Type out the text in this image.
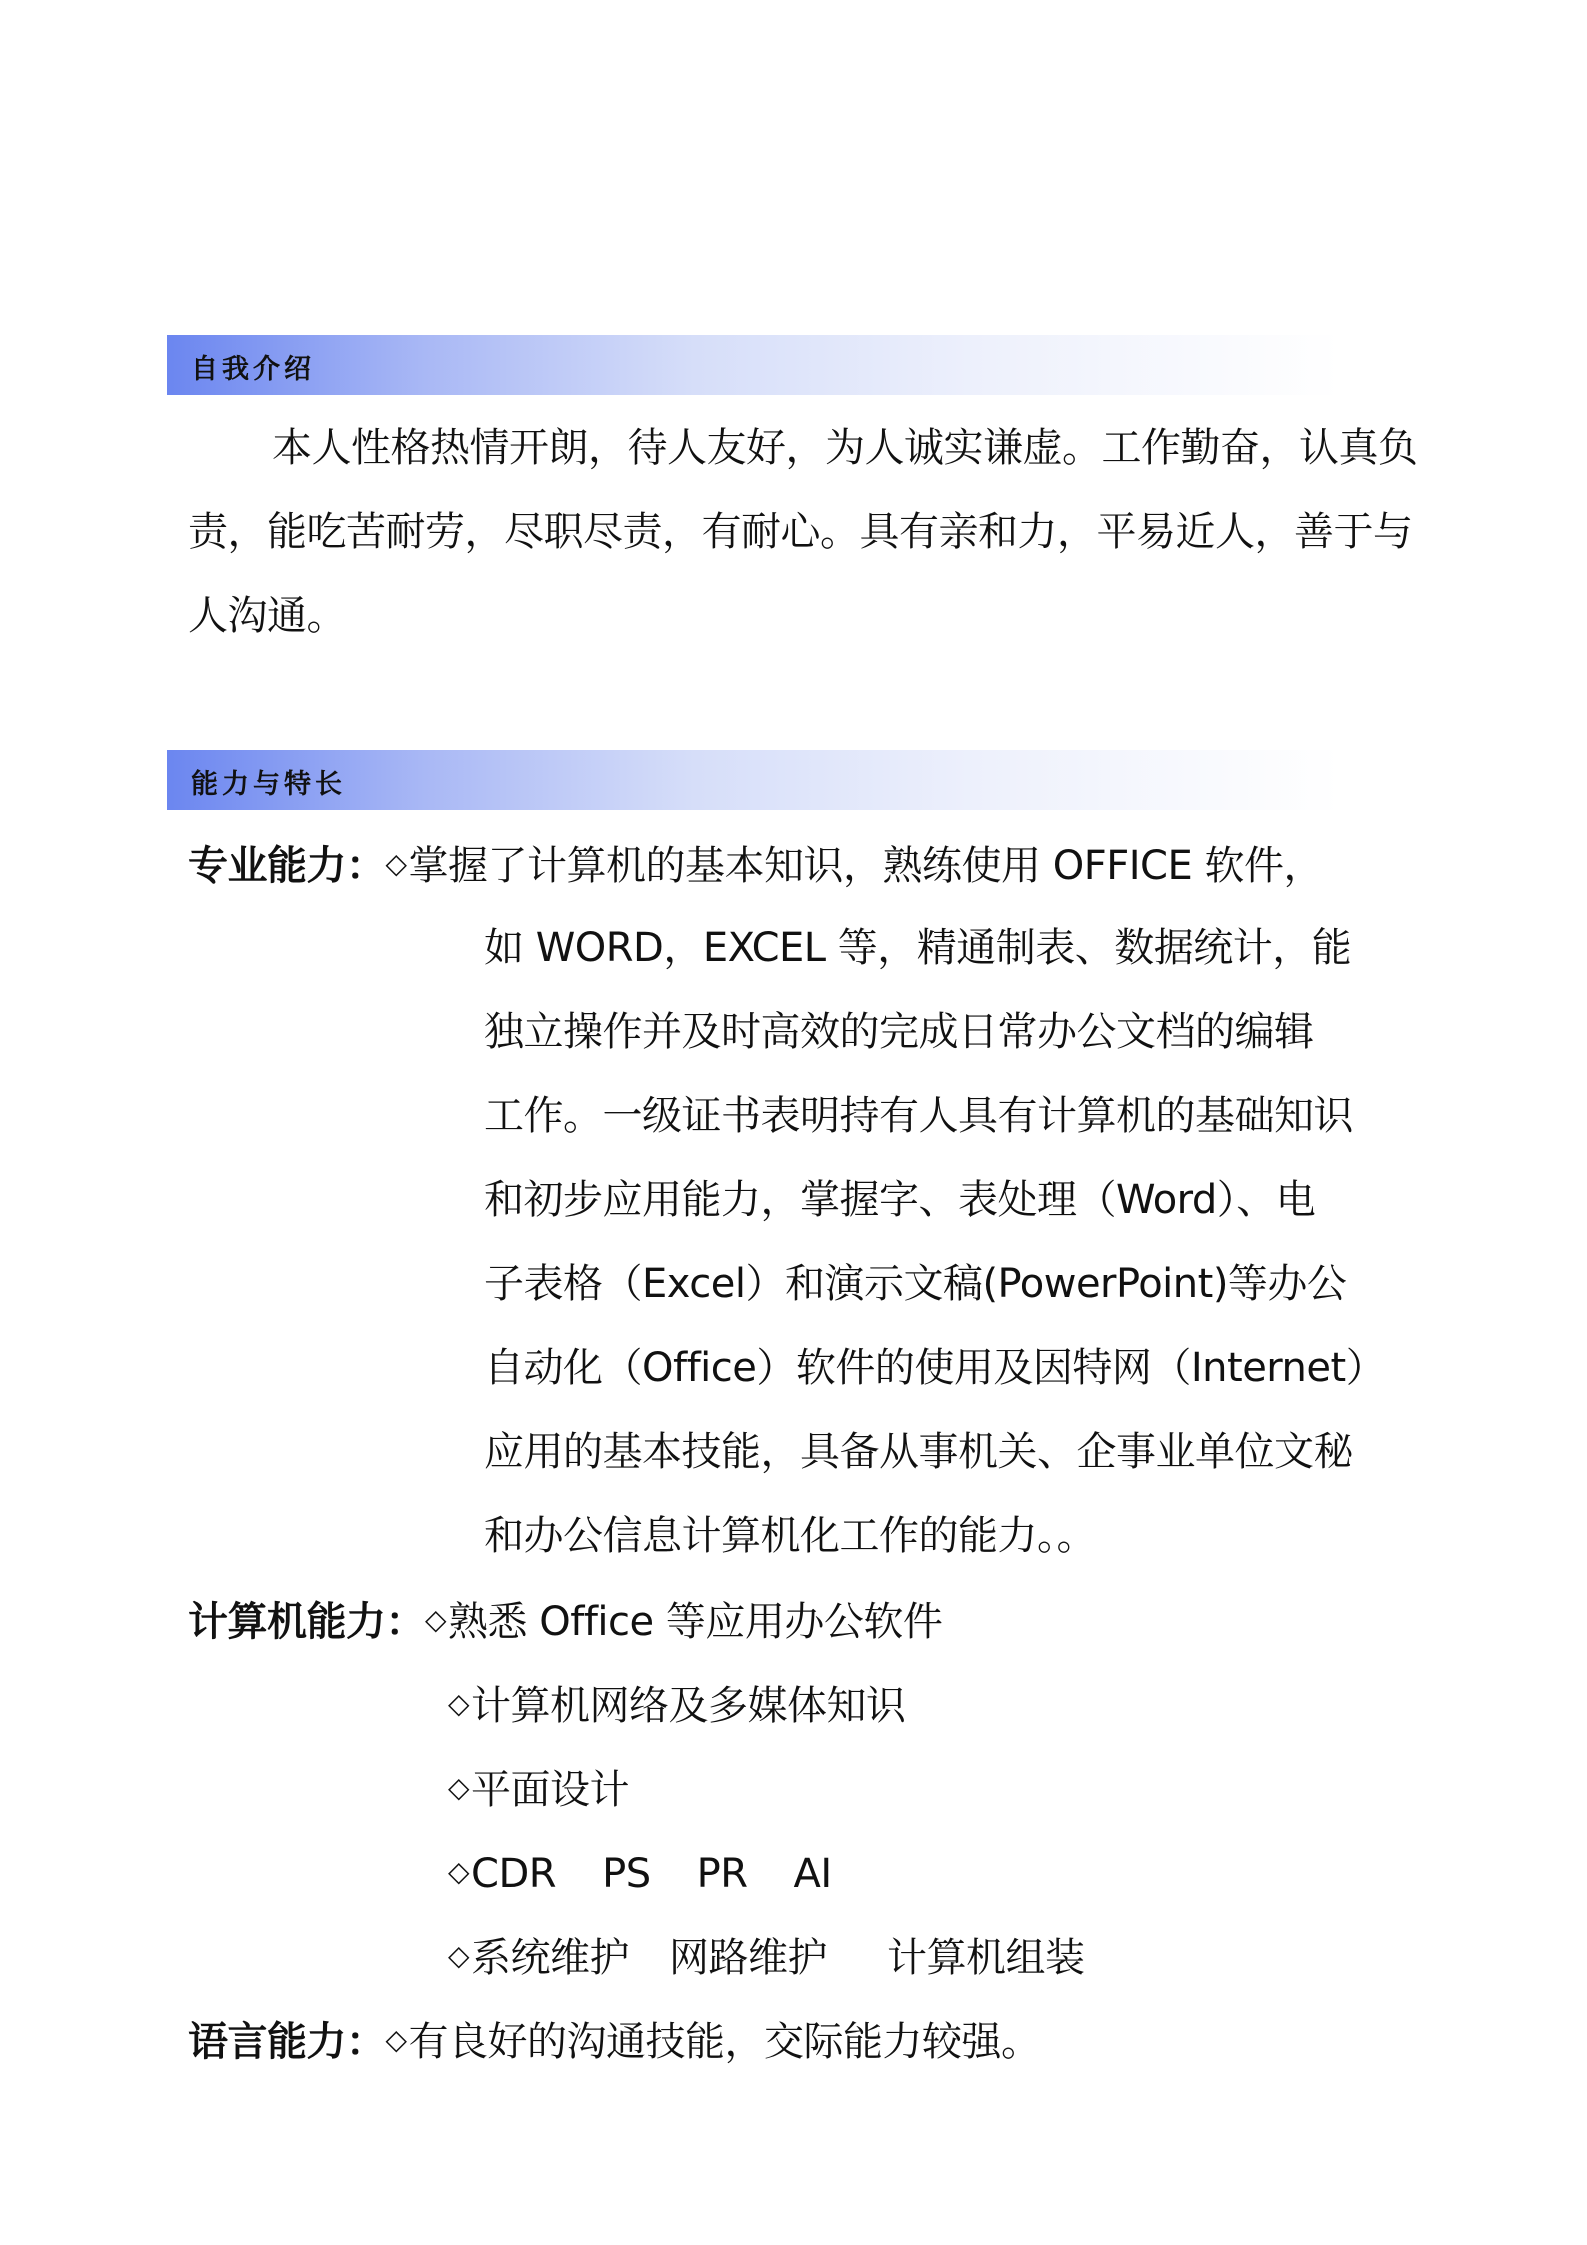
自我介绍

本人性格热情开朗，待人友好，为人诚实谦虚。工作勤奋，认真负责，能吃苦耐劳，尽职尽责，有耐心。具有亲和力，平易近人，善于与人沟通。

能力与特长
专业能力：◇掌握了计算机的基本知识，熟练使用 OFFICE 软件，
如 WORD，EXCEL 等，精通制表、数据统计，能
独立操作并及时高效的完成日常办公文档的编辑
工作。一级证书表明持有人具有计算机的基础知识
和初步应用能力，掌握字、表处理（Word）、电
子表格（Excel）和演示文稿(PowerPoint)等办公
自动化（Office）软件的使用及因特网（Internet）
应用的基本技能，具备从事机关、企事业单位文秘
和办公信息计算机化工作的能力。。
计算机能力：◇熟悉 Office 等应用办公软件
◇计算机网络及多媒体知识
◇平面设计
◇CDR PS PR AI
◇系统维护 网路维护 计算机组装
语言能力：◇有良好的沟通技能，交际能力较强。
